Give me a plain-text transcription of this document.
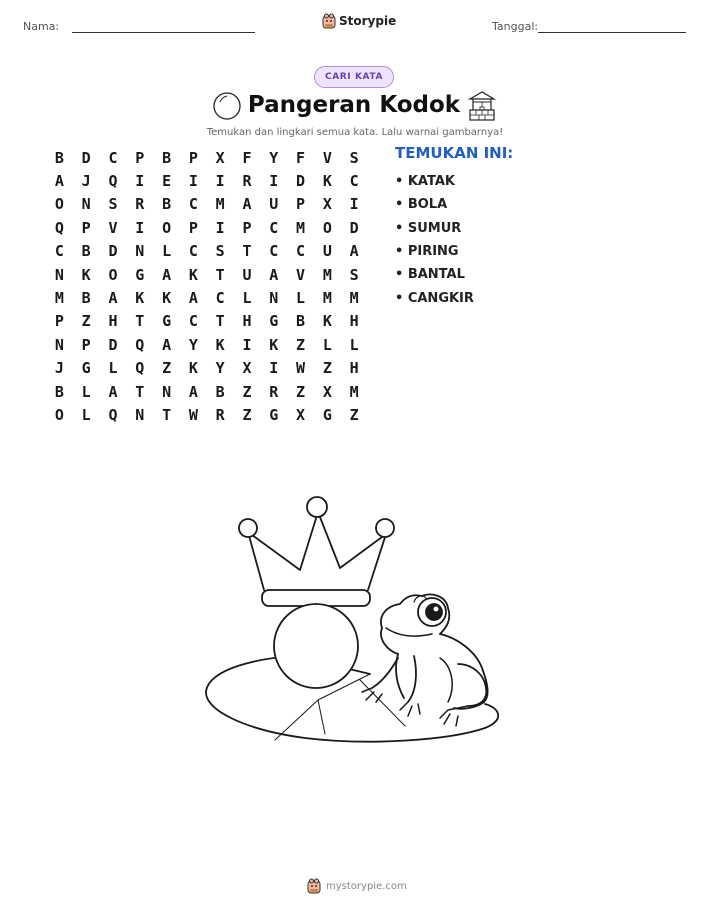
Nama:	Storypie	Tanggal:
CARI KATA
Pangeran Kodok
Temukan dan lingkari semua kata. Lalu warnai gambarnya!
B	D	C	P	B	P	X	F	Y	F	V	S
A	J	Q	I	E	I	I	R	I	D	K	C
O	N	S	R	B	C	M	A	U	P	X	I
Q	P	V	I	O	P	I	P	C	M	O	D
C	B	D	N	L	C	S	T	C	C	U	A
N	K	O	G	A	K	T	U	A	V	M	S
M	B	A	K	K	A	C	L	N	L	M	M
P	Z	H	T	G	C	T	H	G	B	K	H
N	P	D	Q	A	Y	K	I	K	Z	L	L
J	G	L	Q	Z	K	Y	X	I	W	Z	H
B	L	A	T	N	A	B	Z	R	Z	X	M
O	L	Q	N	T	W	R	Z	G	X	G	Z
TEMUKAN INI:
• KATAK
• BOLA
• SUMUR
• PIRING
• BANTAL
• CANGKIR
mystorypie.com
